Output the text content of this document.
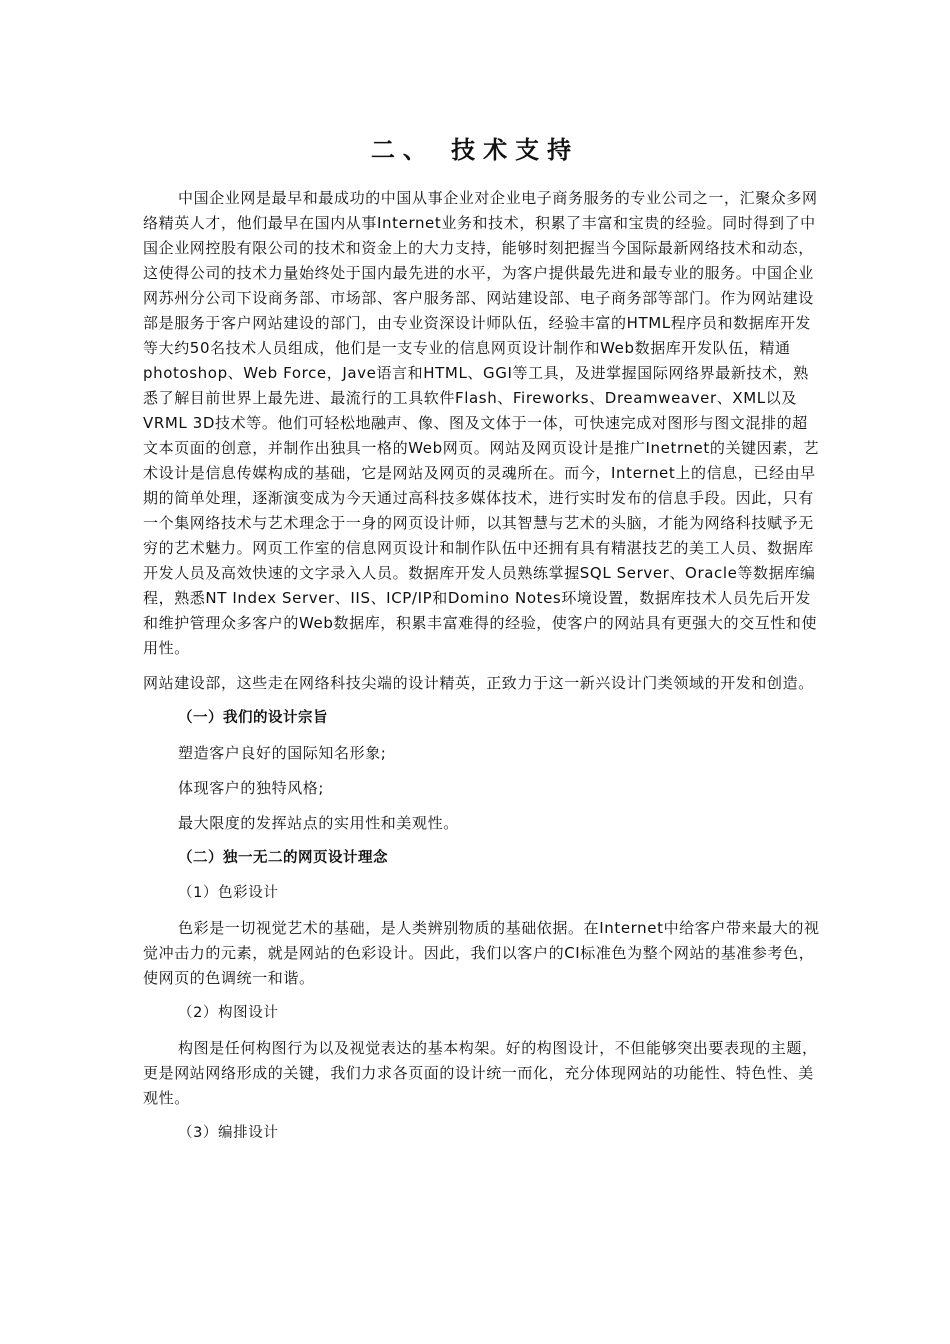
二、 技术支持

中国企业网是最早和最成功的中国从事企业对企业电子商务服务的专业公司之一，汇聚众多网络精英人才，他们最早在国内从事Internet业务和技术，积累了丰富和宝贵的经验。同时得到了中国企业网控股有限公司的技术和资金上的大力支持，能够时刻把握当今国际最新网络技术和动态，这使得公司的技术力量始终处于国内最先进的水平，为客户提供最先进和最专业的服务。中国企业网苏州分公司下设商务部、市场部、客户服务部、网站建设部、电子商务部等部门。作为网站建设部是服务于客户网站建设的部门，由专业资深设计师队伍，经验丰富的HTML程序员和数据库开发等大约50名技术人员组成，他们是一支专业的信息网页设计制作和Web数据库开发队伍，精通photoshop、Web Force，Jave语言和HTML、GGI等工具，及进掌握国际网络界最新技术，熟悉了解目前世界上最先进、最流行的工具软件Flash、Fireworks、Dreamweaver、XML以及VRML 3D技术等。他们可轻松地融声、像、图及文体于一体，可快速完成对图形与图文混排的超文本页面的创意，并制作出独具一格的Web网页。网站及网页设计是推广Inetrnet的关键因素，艺术设计是信息传媒构成的基础，它是网站及网页的灵魂所在。而今，Internet上的信息，已经由早期的简单处理，逐渐演变成为今天通过高科技多媒体技术，进行实时发布的信息手段。因此，只有一个集网络技术与艺术理念于一身的网页设计师，以其智慧与艺术的头脑，才能为网络科技赋予无穷的艺术魅力。网页工作室的信息网页设计和制作队伍中还拥有具有精湛技艺的美工人员、数据库开发人员及高效快速的文字录入人员。数据库开发人员熟练掌握SQL Server、Oracle等数据库编程，熟悉NT Index Server、IIS、ICP/IP和Domino Notes环境设置，数据库技术人员先后开发和维护管理众多客户的Web数据库，积累丰富难得的经验，使客户的网站具有更强大的交互性和使用性。

网站建设部，这些走在网络科技尖端的设计精英，正致力于这一新兴设计门类领域的开发和创造。

（一）我们的设计宗旨

塑造客户良好的国际知名形象;

体现客户的独特风格;

最大限度的发挥站点的实用性和美观性。

（二）独一无二的网页设计理念

（1）色彩设计

色彩是一切视觉艺术的基础，是人类辨别物质的基础依据。在Internet中给客户带来最大的视觉冲击力的元素，就是网站的色彩设计。因此，我们以客户的CI标准色为整个网站的基准参考色，使网页的色调统一和谐。

（2）构图设计

构图是任何构图行为以及视觉表达的基本构架。好的构图设计，不但能够突出要表现的主题，更是网站网络形成的关键，我们力求各页面的设计统一而化，充分体现网站的功能性、特色性、美观性。

（3）编排设计
